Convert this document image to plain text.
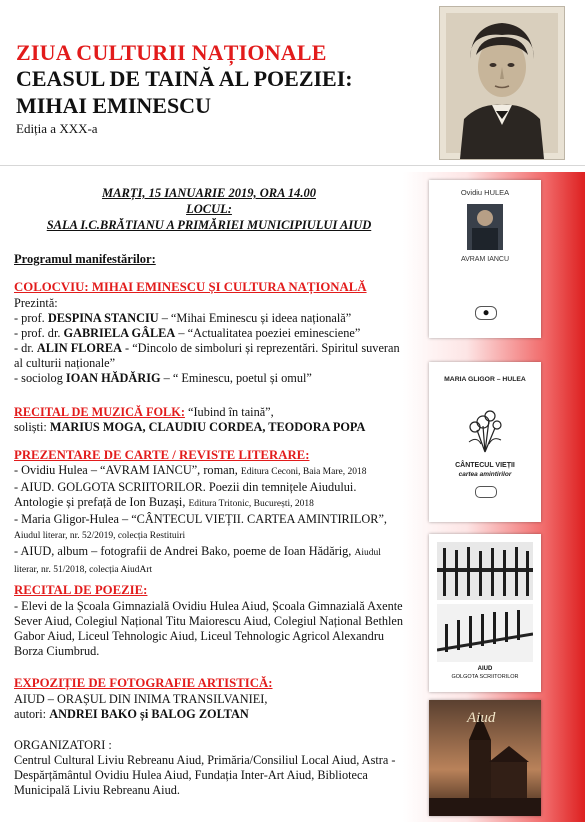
ZIUA CULTURII NAȚIONALE
CEASUL DE TAINĂ AL POEZIEI:
MIHAI EMINESCU
Ediția a XXX-a
Ovidiu HULEA
AVRAM IANCU
⬤
MARIA GLIGOR – HULEA
CÂNTECUL VIEȚII
cartea amintirilor
AIUD
GOLGOTA SCRIITORILOR
Aiud
MARȚI, 15 IANUARIE 2019, ORA 14.00
LOCUL:
SALA I.C.BRĂTIANU A PRIMĂRIEI MUNICIPIULUI AIUD
Programul manifestărilor:
COLOCVIU: MIHAI EMINESCU ȘI CULTURA NAȚIONALĂ
Prezintă:
- prof. DESPINA STANCIU – “Mihai Eminescu și ideea națională”
- prof. dr. GABRIELA GÂLEA – “Actualitatea poeziei eminesciene”
- dr. ALIN FLOREA - “Dincolo de simboluri și reprezentări. Spiritul suveran al culturii naționale”
- sociolog IOAN HĂDĂRIG – “ Eminescu, poetul și omul”
RECITAL DE MUZICĂ FOLK: “Iubind în taină”,
soliști: MARIUS MOGA, CLAUDIU CORDEA, TEODORA POPA
PREZENTARE DE CARTE / REVISTE LITERARE:
- Ovidiu Hulea – “AVRAM IANCU”, roman, Editura Ceconi, Baia Mare, 2018
- AIUD. GOLGOTA SCRIITORILOR. Poezii din temnițele Aiudului. Antologie și prefață de Ion Buzași, Editura Tritonic, București, 2018
- Maria Gligor-Hulea – “CÂNTECUL VIEȚII. CARTEA AMINTIRILOR”, Aiudul literar, nr. 52/2019, colecția Restituiri
- AIUD, album – fotografii de Andrei Bako, poeme de Ioan Hădărig, Aiudul literar, nr. 51/2018, colecția AiudArt
RECITAL DE POEZIE:
- Elevi de la Școala Gimnazială Ovidiu Hulea Aiud, Școala Gimnazială Axente Sever Aiud, Colegiul Național Titu Maiorescu Aiud, Colegiul Național Bethlen Gabor Aiud, Liceul Tehnologic Aiud, Liceul Tehnologic Agricol Alexandru Borza Ciumbrud.
EXPOZIȚIE DE FOTOGRAFIE ARTISTICĂ:
AIUD – ORAȘUL DIN INIMA TRANSILVANIEI,
autori: ANDREI BAKO și BALOG ZOLTAN
ORGANIZATORI :
Centrul Cultural Liviu Rebreanu Aiud, Primăria/Consiliul Local Aiud, Astra - Despărțământul Ovidiu Hulea Aiud, Fundația Inter-Art Aiud, Biblioteca Municipală Liviu Rebreanu Aiud.
